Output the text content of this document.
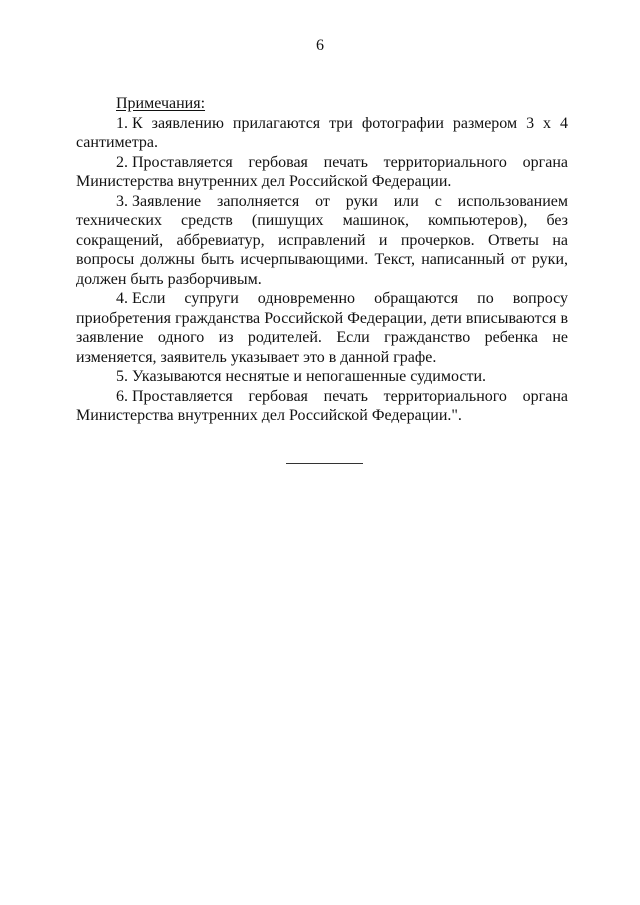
6

Примечания:

1. К заявлению прилагаются три фотографии размером 3 х 4 сантиметра.

2. Проставляется гербовая печать территориального органа Министерства внутренних дел Российской Федерации.

3. Заявление заполняется от руки или с использованием технических средств (пишущих машинок, компьютеров), без сокращений, аббревиатур, исправлений и прочерков. Ответы на вопросы должны быть исчерпывающими. Текст, написанный от руки, должен быть разборчивым.

4. Если супруги одновременно обращаются по вопросу приобретения гражданства Российской Федерации, дети вписываются в заявление одного из родителей. Если гражданство ребенка не изменяется, заявитель указывает это в данной графе.

5. Указываются неснятые и непогашенные судимости.

6. Проставляется гербовая печать территориального органа Министерства внутренних дел Российской Федерации.".
